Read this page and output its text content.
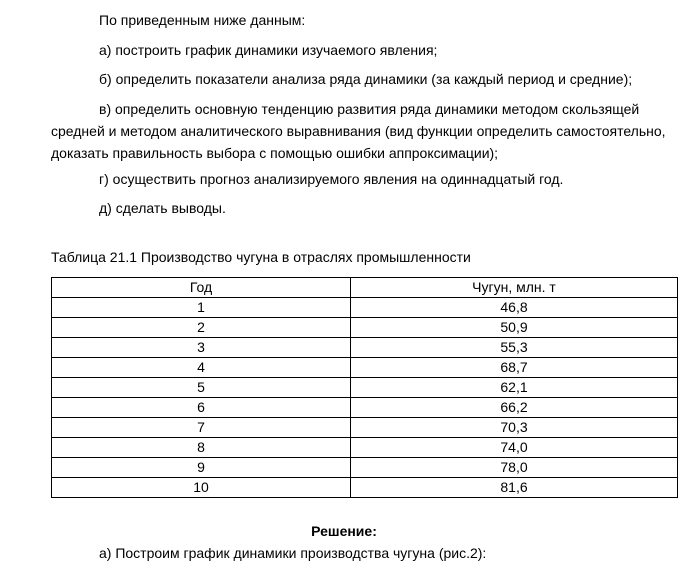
По приведенным ниже данным:

а) построить график динамики изучаемого явления;

б) определить показатели анализа ряда динамики (за каждый период и средние);

в) определить основную тенденцию развития ряда динамики методом скользящей
средней и методом аналитического выравнивания (вид функции определить самостоятельно,
доказать правильность выбора с помощью ошибки аппроксимации);

г) осуществить прогноз анализируемого явления на одиннадцатый год.

д) сделать выводы.

Таблица 21.1 Производство чугуна в отраслях промышленности
Год	Чугун, млн. т
1	46,8
2	50,9
3	55,3
4	68,7
5	62,1
6	66,2
7	70,3
8	74,0
9	78,0
10	81,6
Решение:
а) Построим график динамики производства чугуна (рис.2):
